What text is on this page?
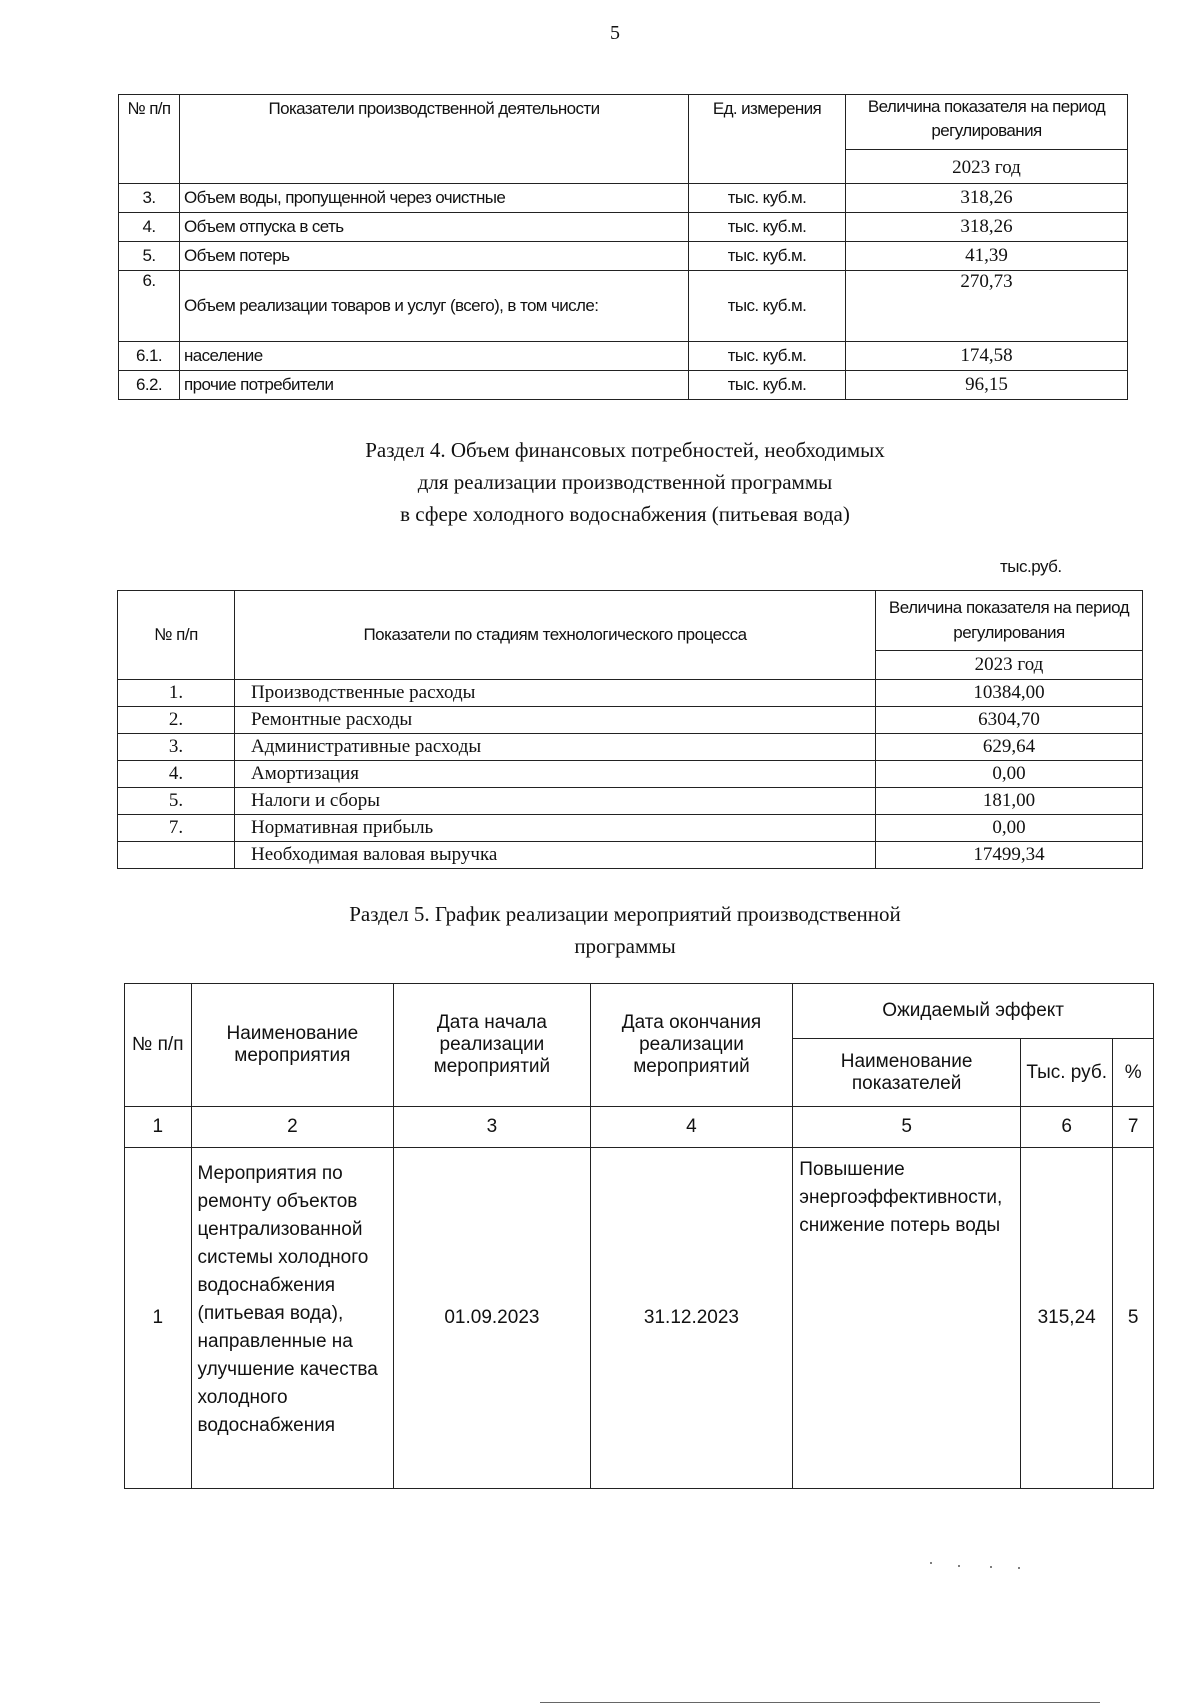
5
№ п/п	Показатели производственной деятельности	Ед. измерения	Величина показателя на период регулирования
			2023 год
3.	Объем воды, пропущенной через очистные	тыс. куб.м.	318,26
4.	Объем отпуска в сеть	тыс. куб.м.	318,26
5.	Объем потерь	тыс. куб.м.	41,39
6.	Объем реализации товаров и услуг (всего), в том числе:	тыс. куб.м.	270,73
6.1.	население	тыс. куб.м.	174,58
6.2.	прочие потребители	тыс. куб.м.	96,15
Раздел 4. Объем финансовых потребностей, необходимых
для реализации производственной программы
в сфере холодного водоснабжения (питьевая вода)
тыс.руб.
№ п/п	Показатели по стадиям технологического процесса	Величина показателя на период регулирования
		2023 год
1.	Производственные расходы	10384,00
2.	Ремонтные расходы	6304,70
3.	Административные расходы	629,64
4.	Амортизация	0,00
5.	Налоги и сборы	181,00
7.	Нормативная прибыль	0,00
	Необходимая валовая выручка	17499,34
Раздел 5. График реализации мероприятий производственной
программы
№ п/п	Наименование мероприятия	Дата начала реализации мероприятий	Дата окончания реализации мероприятий	Ожидаемый эффект		
				Наименование показателей	Тыс. руб.	%
1	2	3	4	5	6	7
1	Мероприятия по ремонту объектов централизованной системы холодного водоснабжения (питьевая вода), направленные на улучшение качества холодного водоснабжения	01.09.2023	31.12.2023	Повышение энергоэффективности, снижение потерь воды	315,24	5
